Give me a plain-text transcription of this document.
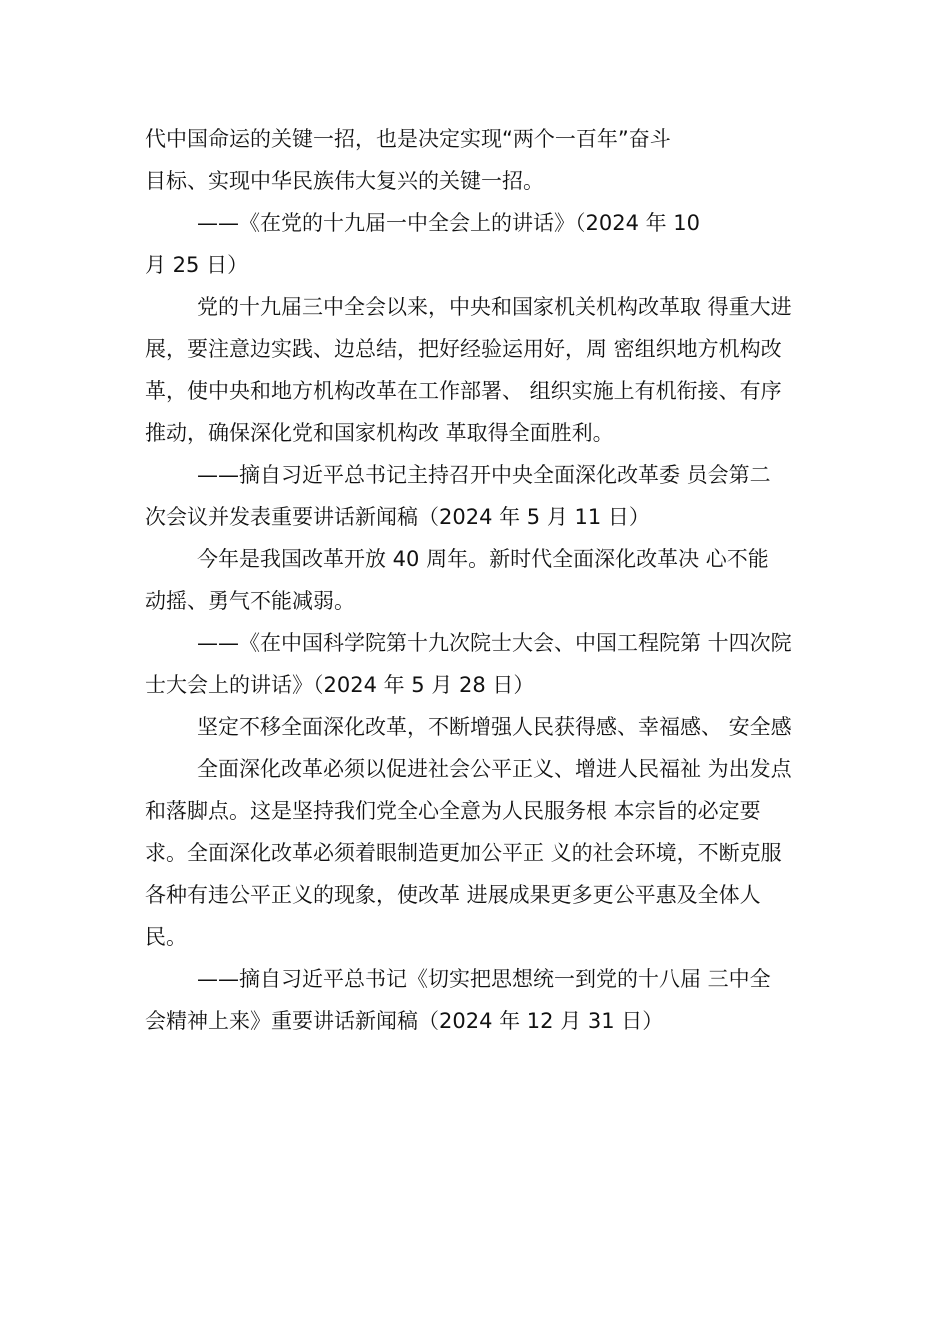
代中国命运的关键一招，也是决定实现“两个一百年”奋斗
目标、实现中华民族伟大复兴的关键一招。
——《在党的十九届一中全会上的讲话》（2024 年 10
月 25 日）
党的十九届三中全会以来，中央和国家机关机构改革取 得重大进
展，要注意边实践、边总结，把好经验运用好，周 密组织地方机构改
革，使中央和地方机构改革在工作部署、 组织实施上有机衔接、有序
推动，确保深化党和国家机构改 革取得全面胜利。
——摘自习近平总书记主持召开中央全面深化改革委 员会第二
次会议并发表重要讲话新闻稿（2024 年 5 月 11 日）
今年是我国改革开放 40 周年。新时代全面深化改革决 心不能
动摇、勇气不能减弱。
——《在中国科学院第十九次院士大会、中国工程院第 十四次院
士大会上的讲话》（2024 年 5 月 28 日）
坚定不移全面深化改革，不断增强人民获得感、幸福感、 安全感
全面深化改革必须以促进社会公平正义、增进人民福祉 为出发点
和落脚点。这是坚持我们党全心全意为人民服务根 本宗旨的必定要
求。全面深化改革必须着眼制造更加公平正 义的社会环境，不断克服
各种有违公平正义的现象，使改革 进展成果更多更公平惠及全体人
民。
——摘自习近平总书记《切实把思想统一到党的十八届 三中全
会精神上来》重要讲话新闻稿（2024 年 12 月 31 日）
